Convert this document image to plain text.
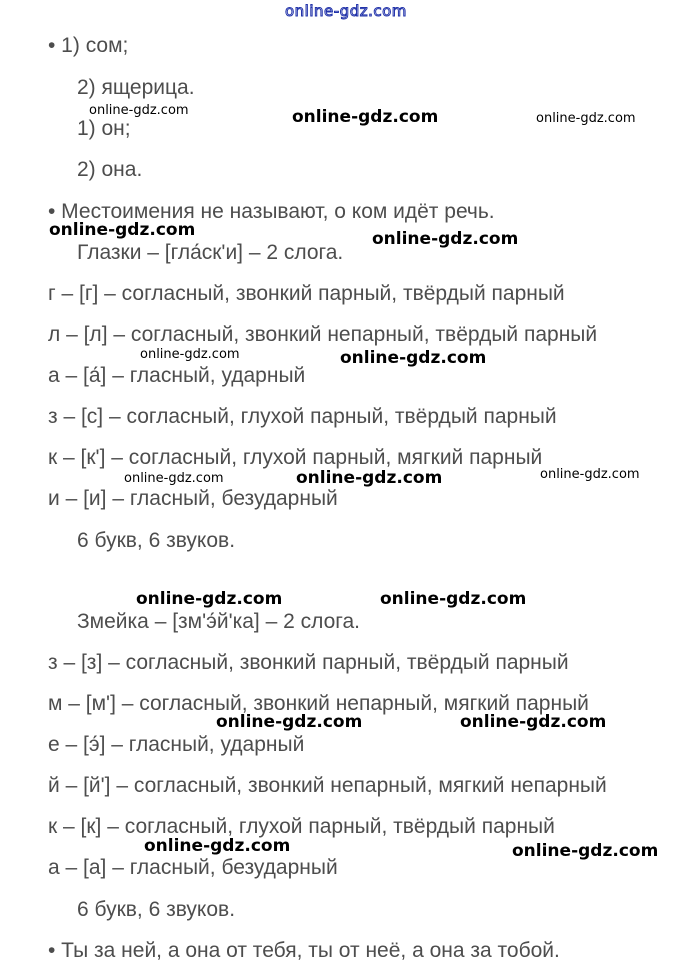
online-gdz.com
• 1) сом;
2) ящерица.
1) он;
2) она.
• Местоимения не называют, о ком идёт речь.
Глазки – [гла́ск'и] – 2 слога.
г – [г] – согласный, звонкий парный, твёрдый парный
л – [л] – согласный, звонкий непарный, твёрдый парный
а – [а́] – гласный, ударный
з – [с] – согласный, глухой парный, твёрдый парный
к – [к'] – согласный, глухой парный, мягкий парный
и – [и] – гласный, безударный
6 букв, 6 звуков.
Змейка – [зм'э́й'ка] – 2 слога.
з – [з] – согласный, звонкий парный, твёрдый парный
м – [м'] – согласный, звонкий непарный, мягкий парный
е – [э́] – гласный, ударный
й – [й'] – согласный, звонкий непарный, мягкий непарный
к – [к] – согласный, глухой парный, твёрдый парный
а – [а] – гласный, безударный
6 букв, 6 звуков.
• Ты за ней, а она от тебя, ты от неё, а она за тобой.
online-gdz.com	online-gdz.com	online-gdz.com
online-gdz.com	online-gdz.com
online-gdz.com	online-gdz.com
online-gdz.com	online-gdz.com	online-gdz.com
online-gdz.com	online-gdz.com
online-gdz.com	online-gdz.com
online-gdz.com	online-gdz.com
